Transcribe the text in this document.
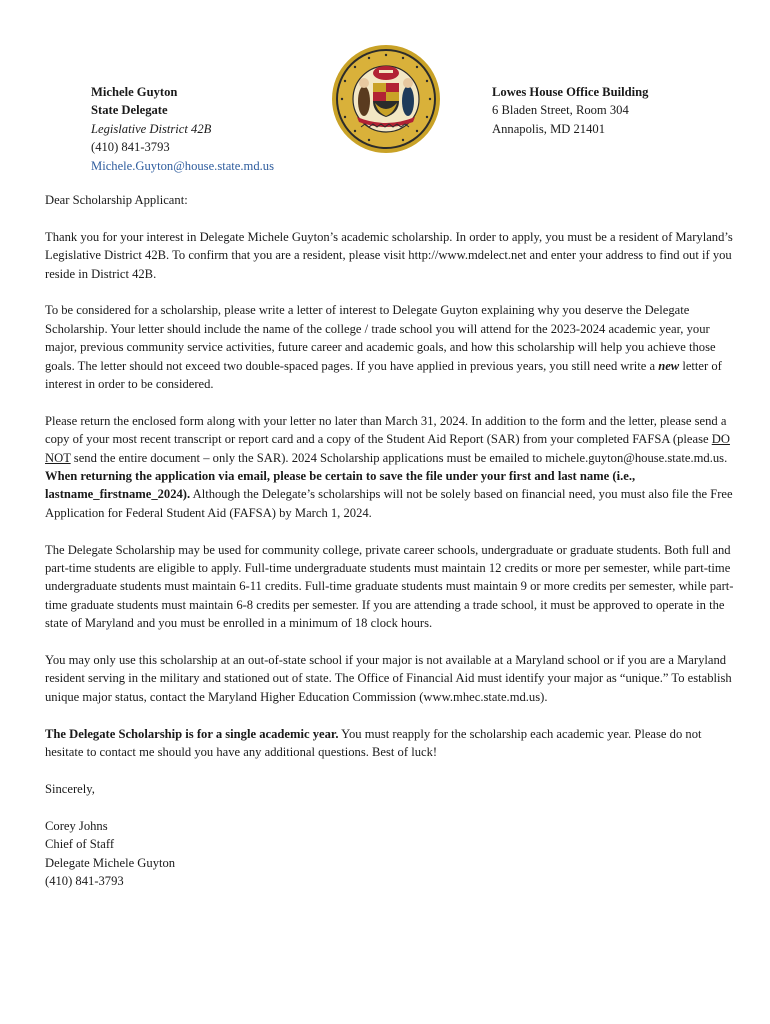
Michele Guyton
State Delegate
Legislative District 42B
(410) 841-3793
Michele.Guyton@house.state.md.us
Lowes House Office Building
6 Bladen Street, Room 304
Annapolis, MD 21401

Dear Scholarship Applicant:

Thank you for your interest in Delegate Michele Guyton’s academic scholarship. In order to apply, you must be a resident of Maryland’s Legislative District 42B. To confirm that you are a resident, please visit http://www.mdelect.net and enter your address to find out if you reside in District 42B.

To be considered for a scholarship, please write a letter of interest to Delegate Guyton explaining why you deserve the Delegate Scholarship. Your letter should include the name of the college / trade school you will attend for the 2023-2024 academic year, your major, previous community service activities, future career and academic goals, and how this scholarship will help you achieve those goals. The letter should not exceed two double-spaced pages. If you have applied in previous years, you still need write a new letter of interest in order to be considered.

Please return the enclosed form along with your letter no later than March 31, 2024. In addition to the form and the letter, please send a copy of your most recent transcript or report card and a copy of the Student Aid Report (SAR) from your completed FAFSA (please DO NOT send the entire document – only the SAR). 2024 Scholarship applications must be emailed to michele.guyton@house.state.md.us. When returning the application via email, please be certain to save the file under your first and last name (i.e., lastname_firstname_2024). Although the Delegate’s scholarships will not be solely based on financial need, you must also file the Free Application for Federal Student Aid (FAFSA) by March 1, 2024.

The Delegate Scholarship may be used for community college, private career schools, undergraduate or graduate students. Both full and part-time students are eligible to apply. Full-time undergraduate students must maintain 12 credits or more per semester, while part-time undergraduate students must maintain 6-11 credits. Full-time graduate students must maintain 9 or more credits per semester, while part-time graduate students must maintain 6-8 credits per semester. If you are attending a trade school, it must be approved to operate in the state of Maryland and you must be enrolled in a minimum of 18 clock hours.

You may only use this scholarship at an out-of-state school if your major is not available at a Maryland school or if you are a Maryland resident serving in the military and stationed out of state. The Office of Financial Aid must identify your major as “unique.” To establish unique major status, contact the Maryland Higher Education Commission (www.mhec.state.md.us).

The Delegate Scholarship is for a single academic year. You must reapply for the scholarship each academic year. Please do not hesitate to contact me should you have any additional questions. Best of luck!

Sincerely,

Corey Johns
Chief of Staff
Delegate Michele Guyton
(410) 841-3793
